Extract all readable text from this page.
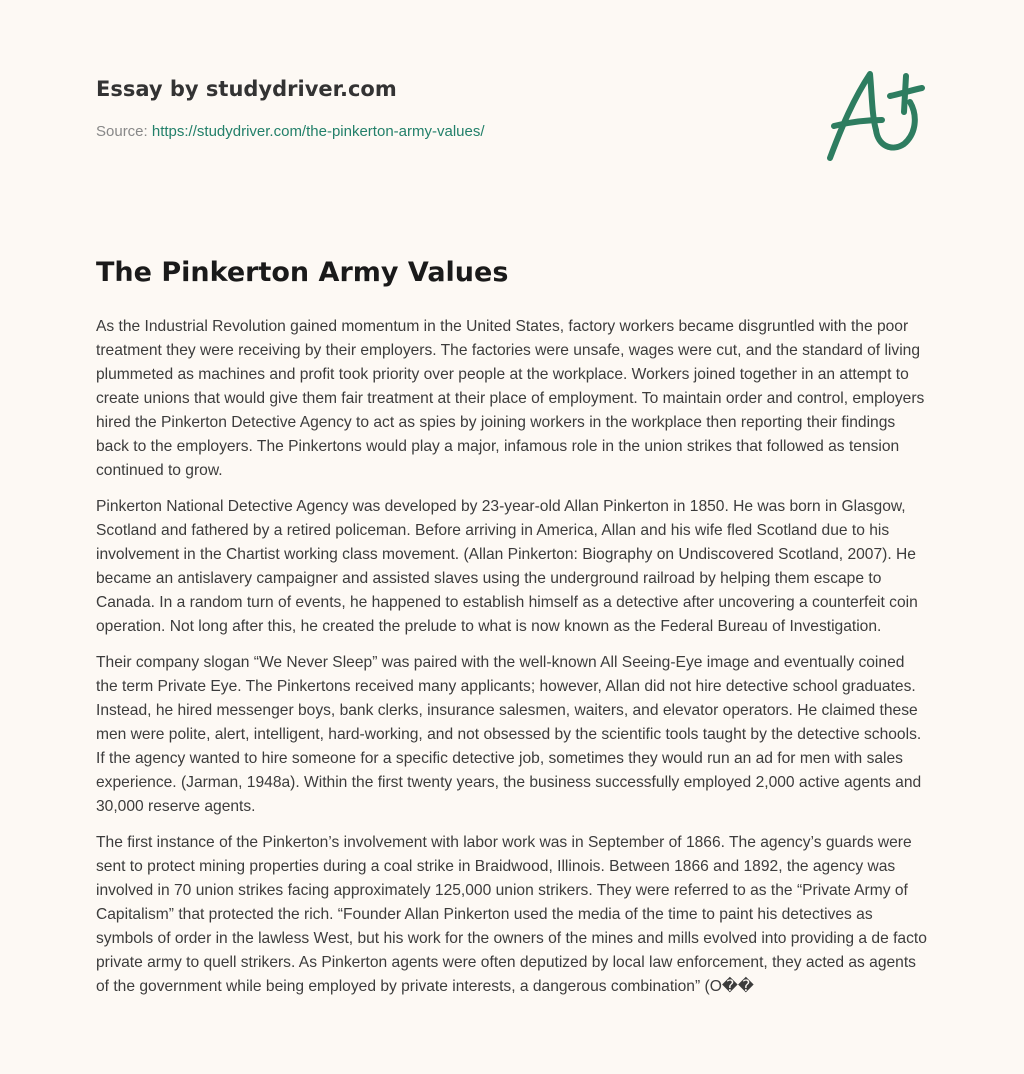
Essay by studydriver.com
Source: https://studydriver.com/the-pinkerton-army-values/
The Pinkerton Army Values

As the Industrial Revolution gained momentum in the United States, factory workers became disgruntled with the poor treatment they were receiving by their employers. The factories were unsafe, wages were cut, and the standard of living plummeted as machines and profit took priority over people at the workplace. Workers joined together in an attempt to create unions that would give them fair treatment at their place of employment. To maintain order and control, employers hired the Pinkerton Detective Agency to act as spies by joining workers in the workplace then reporting their findings back to the employers. The Pinkertons would play a major, infamous role in the union strikes that followed as tension continued to grow.

Pinkerton National Detective Agency was developed by 23-year-old Allan Pinkerton in 1850. He was born in Glasgow, Scotland and fathered by a retired policeman. Before arriving in America, Allan and his wife fled Scotland due to his involvement in the Chartist working class movement. (Allan Pinkerton: Biography on Undiscovered Scotland, 2007). He became an antislavery campaigner and assisted slaves using the underground railroad by helping them escape to Canada. In a random turn of events, he happened to establish himself as a detective after uncovering a counterfeit coin operation. Not long after this, he created the prelude to what is now known as the Federal Bureau of Investigation.

Their company slogan “We Never Sleep” was paired with the well-known All Seeing-Eye image and eventually coined the term Private Eye. The Pinkertons received many applicants; however, Allan did not hire detective school graduates. Instead, he hired messenger boys, bank clerks, insurance salesmen, waiters, and elevator operators. He claimed these men were polite, alert, intelligent, hard-working, and not obsessed by the scientific tools taught by the detective schools. If the agency wanted to hire someone for a specific detective job, sometimes they would run an ad for men with sales experience. (Jarman, 1948a). Within the first twenty years, the business successfully employed 2,000 active agents and 30,000 reserve agents.

The first instance of the Pinkerton’s involvement with labor work was in September of 1866. The agency’s guards were sent to protect mining properties during a coal strike in Braidwood, Illinois. Between 1866 and 1892, the agency was involved in 70 union strikes facing approximately 125,000 union strikers. They were referred to as the “Private Army of Capitalism” that protected the rich. “Founder Allan Pinkerton used the media of the time to paint his detectives as symbols of order in the lawless West, but his work for the owners of the mines and mills evolved into providing a de facto private army to quell strikers. As Pinkerton agents were often deputized by local law enforcement, they acted as agents of the government while being employed by private interests, a dangerous combination” (O��
